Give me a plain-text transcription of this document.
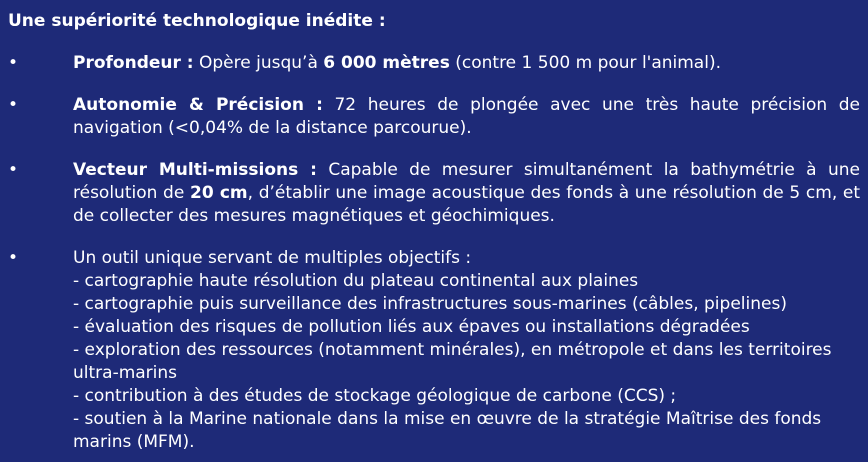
Une supériorité technologique inédite :
•	Profondeur : Opère jusqu’à 6 000 mètres (contre 1 500 m pour l'animal).
•	Autonomie & Précision : 72 heures de plongée avec une très haute précision de navigation (<0,04% de la distance parcourue).
•	Vecteur Multi-missions : Capable de mesurer simultanément la bathymétrie à une résolution de 20 cm, d’établir une image acoustique des fonds à une résolution de 5 cm, et de collecter des mesures magnétiques et géochimiques.
•	Un outil unique servant de multiples objectifs :
- cartographie haute résolution du plateau continental aux plaines
- cartographie puis surveillance des infrastructures sous-marines (câbles, pipelines)
- évaluation des risques de pollution liés aux épaves ou installations dégradées
- exploration des ressources (notamment minérales), en métropole et dans les territoires ultra-marins
- contribution à des études de stockage géologique de carbone (CCS) ;
- soutien à la Marine nationale dans la mise en œuvre de la stratégie Maîtrise des fonds marins (MFM).
